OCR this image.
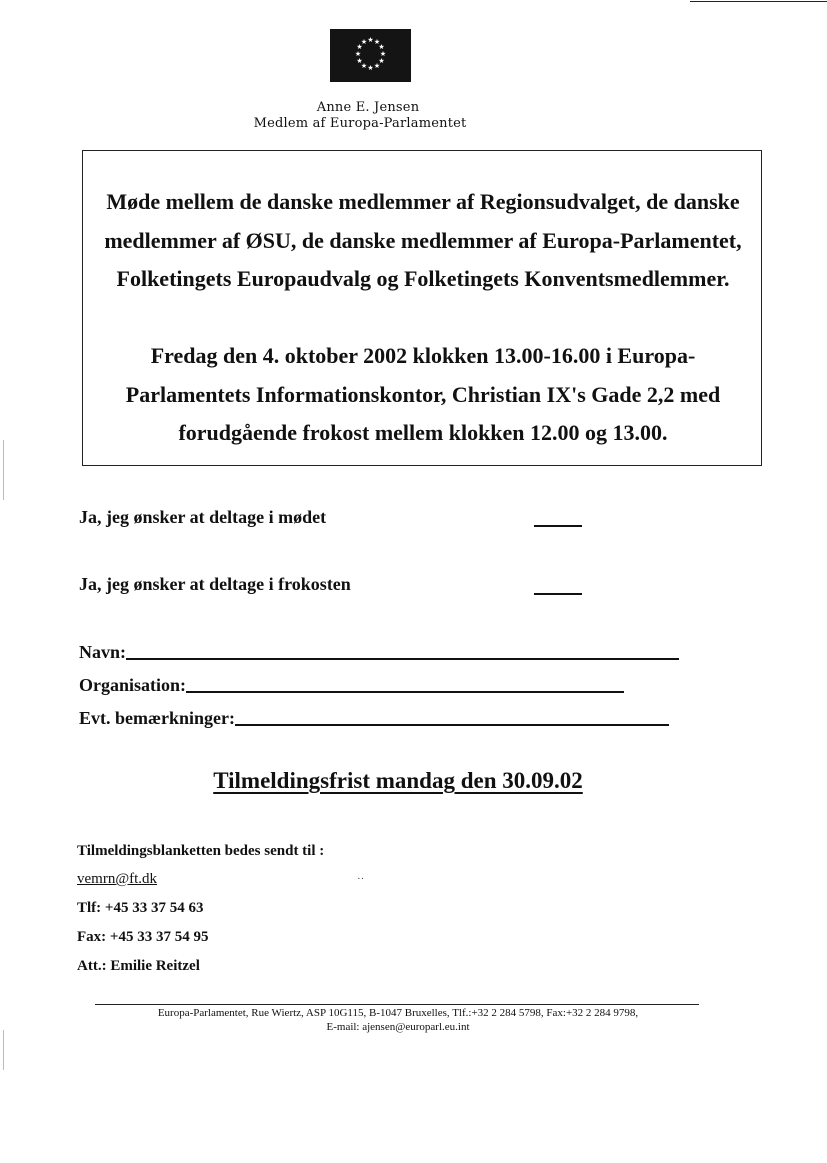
★ ★
★
★
★
★
★
★
★
★
★
★
Anne E. Jensen
Medlem af Europa-Parlamentet
Møde mellem de danske medlemmer af Regionsudvalget, de danske
medlemmer af ØSU, de danske medlemmer af Europa-Parlamentet,
Folketingets Europaudvalg og Folketingets Konventsmedlemmer.
Fredag den 4. oktober 2002 klokken 13.00-16.00 i Europa-
Parlamentets Informationskontor, Christian IX's Gade 2,2 med
forudgående frokost mellem klokken 12.00 og 13.00.
Ja, jeg ønsker at deltage i mødet
Ja, jeg ønsker at deltage i frokosten
Navn:
Organisation:
Evt. bemærkninger:
Tilmeldingsfrist mandag den 30.09.02
Tilmeldingsblanketten bedes sendt til :
vemrn@ft.dk	··
Tlf: +45 33 37 54 63
Fax: +45 33 37 54 95
Att.: Emilie Reitzel
Europa-Parlamentet, Rue Wiertz, ASP 10G115, B-1047 Bruxelles, Tlf.:+32 2 284 5798, Fax:+32 2 284 9798,
E-mail: ajensen@europarl.eu.int
